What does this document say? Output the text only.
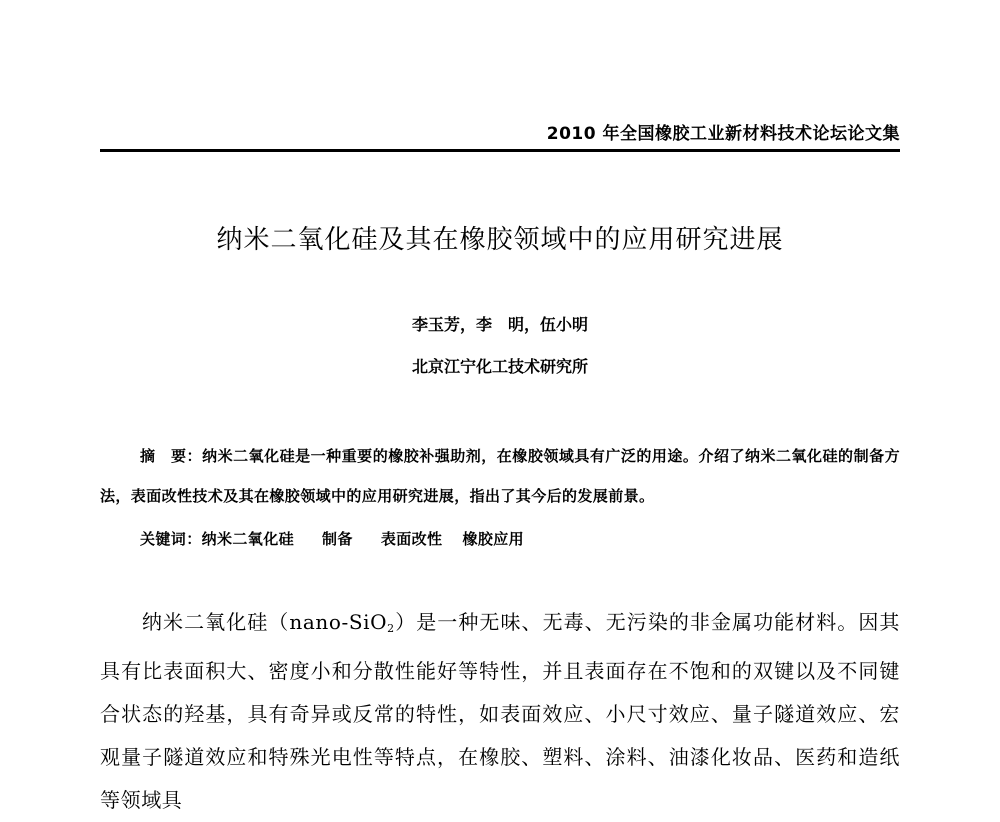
2010 年全国橡胶工业新材料技术论坛论文集
纳米二氧化硅及其在橡胶领域中的应用研究进展
李玉芳，李　明，伍小明
北京江宁化工技术研究所
摘　要：纳米二氧化硅是一种重要的橡胶补强助剂，在橡胶领域具有广泛的用途。介绍了纳米二氧化硅的制备方法，表面改性技术及其在橡胶领域中的应用研究进展，指出了其今后的发展前景。
关键词：纳米二氧化硅 制备 表面改性 橡胶应用
纳米二氧化硅（nano-SiO$_2$）是一种无味、无毒、无污染的非金属功能材料。因其具有比表面积大、密度小和分散性能好等特性，并且表面存在不饱和的双键以及不同键合状态的羟基，具有奇异或反常的特性，如表面效应、小尺寸效应、量子隧道效应、宏观量子隧道效应和特殊光电性等特点，在橡胶、塑料、涂料、油漆化妆品、医药和造纸等领域具
